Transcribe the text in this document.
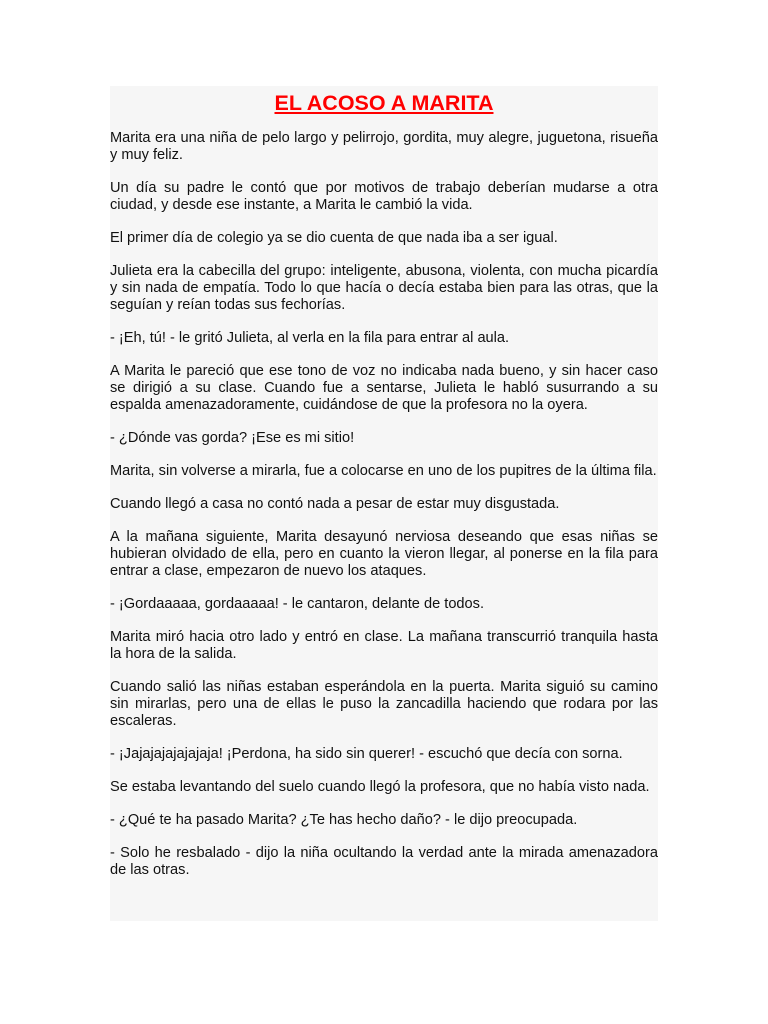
EL ACOSO A MARITA

Marita era una niña de pelo largo y pelirrojo, gordita, muy alegre, juguetona, risueña y muy feliz.

Un día su padre le contó que por motivos de trabajo deberían mudarse a otra ciudad, y desde ese instante, a Marita le cambió la vida.

El primer día de colegio ya se dio cuenta de que nada iba a ser igual.

Julieta era la cabecilla del grupo: inteligente, abusona, violenta, con mucha picardía y sin nada de empatía. Todo lo que hacía o decía estaba bien para las otras, que la seguían y reían todas sus fechorías.

- ¡Eh, tú! - le gritó Julieta, al verla en la fila para entrar al aula.

A Marita le pareció que ese tono de voz no indicaba nada bueno, y sin hacer caso se dirigió a su clase. Cuando fue a sentarse, Julieta le habló susurrando a su espalda amenazadoramente, cuidándose de que la profesora no la oyera.

- ¿Dónde vas gorda? ¡Ese es mi sitio!

Marita, sin volverse a mirarla, fue a colocarse en uno de los pupitres de la última fila.

Cuando llegó a casa no contó nada a pesar de estar muy disgustada.

A la mañana siguiente, Marita desayunó nerviosa deseando que esas niñas se hubieran olvidado de ella, pero en cuanto la vieron llegar, al ponerse en la fila para entrar a clase, empezaron de nuevo los ataques.

- ¡Gordaaaaa, gordaaaaa! - le cantaron, delante de todos.

Marita miró hacia otro lado y entró en clase. La mañana transcurrió tranquila hasta la hora de la salida.

Cuando salió las niñas estaban esperándola en la puerta. Marita siguió su camino sin mirarlas, pero una de ellas le puso la zancadilla haciendo que rodara por las escaleras.

- ¡Jajajajajajajaja! ¡Perdona, ha sido sin querer! - escuchó que decía con sorna.

Se estaba levantando del suelo cuando llegó la profesora, que no había visto nada.

- ¿Qué te ha pasado Marita? ¿Te has hecho daño? - le dijo preocupada.

- Solo he resbalado - dijo la niña ocultando la verdad ante la mirada amenazadora de las otras.
